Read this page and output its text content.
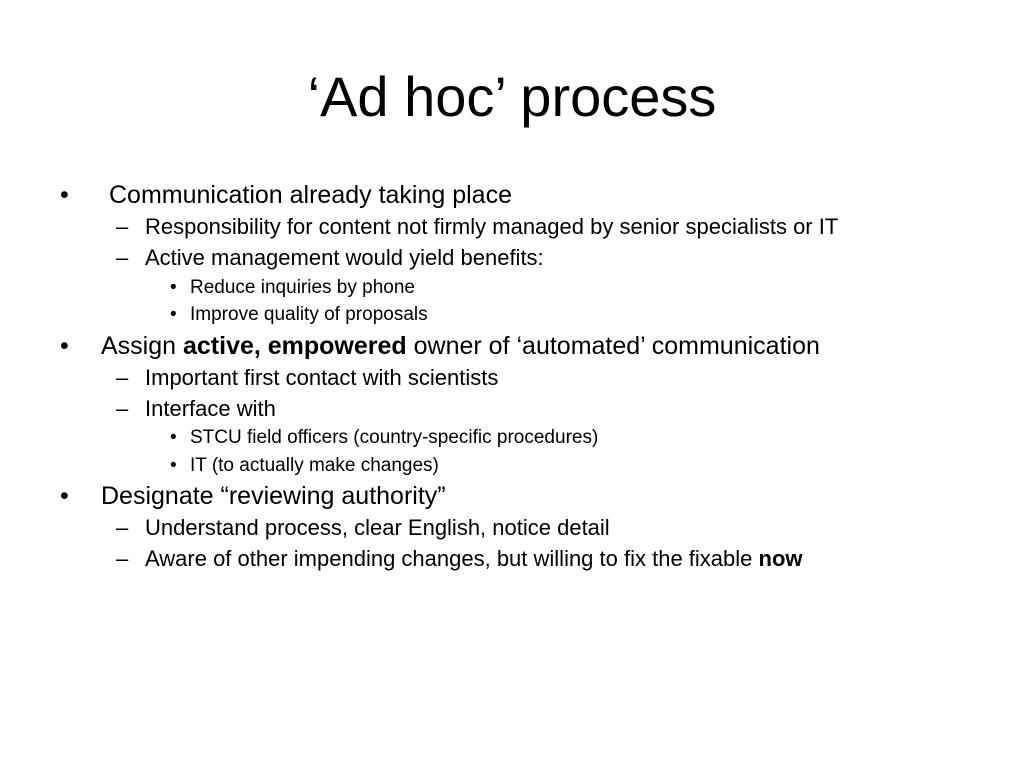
‘Ad hoc’ process
• Communication already taking place
– Responsibility for content not firmly managed by senior specialists or IT
– Active management would yield benefits:
• Reduce inquiries by phone
• Improve quality of proposals
• Assign active, empowered owner of ‘automated’ communication
– Important first contact with scientists
– Interface with
• STCU field officers (country-specific procedures)
• IT (to actually make changes)
• Designate “reviewing authority”
– Understand process, clear English, notice detail
– Aware of other impending changes, but willing to fix the fixable now
